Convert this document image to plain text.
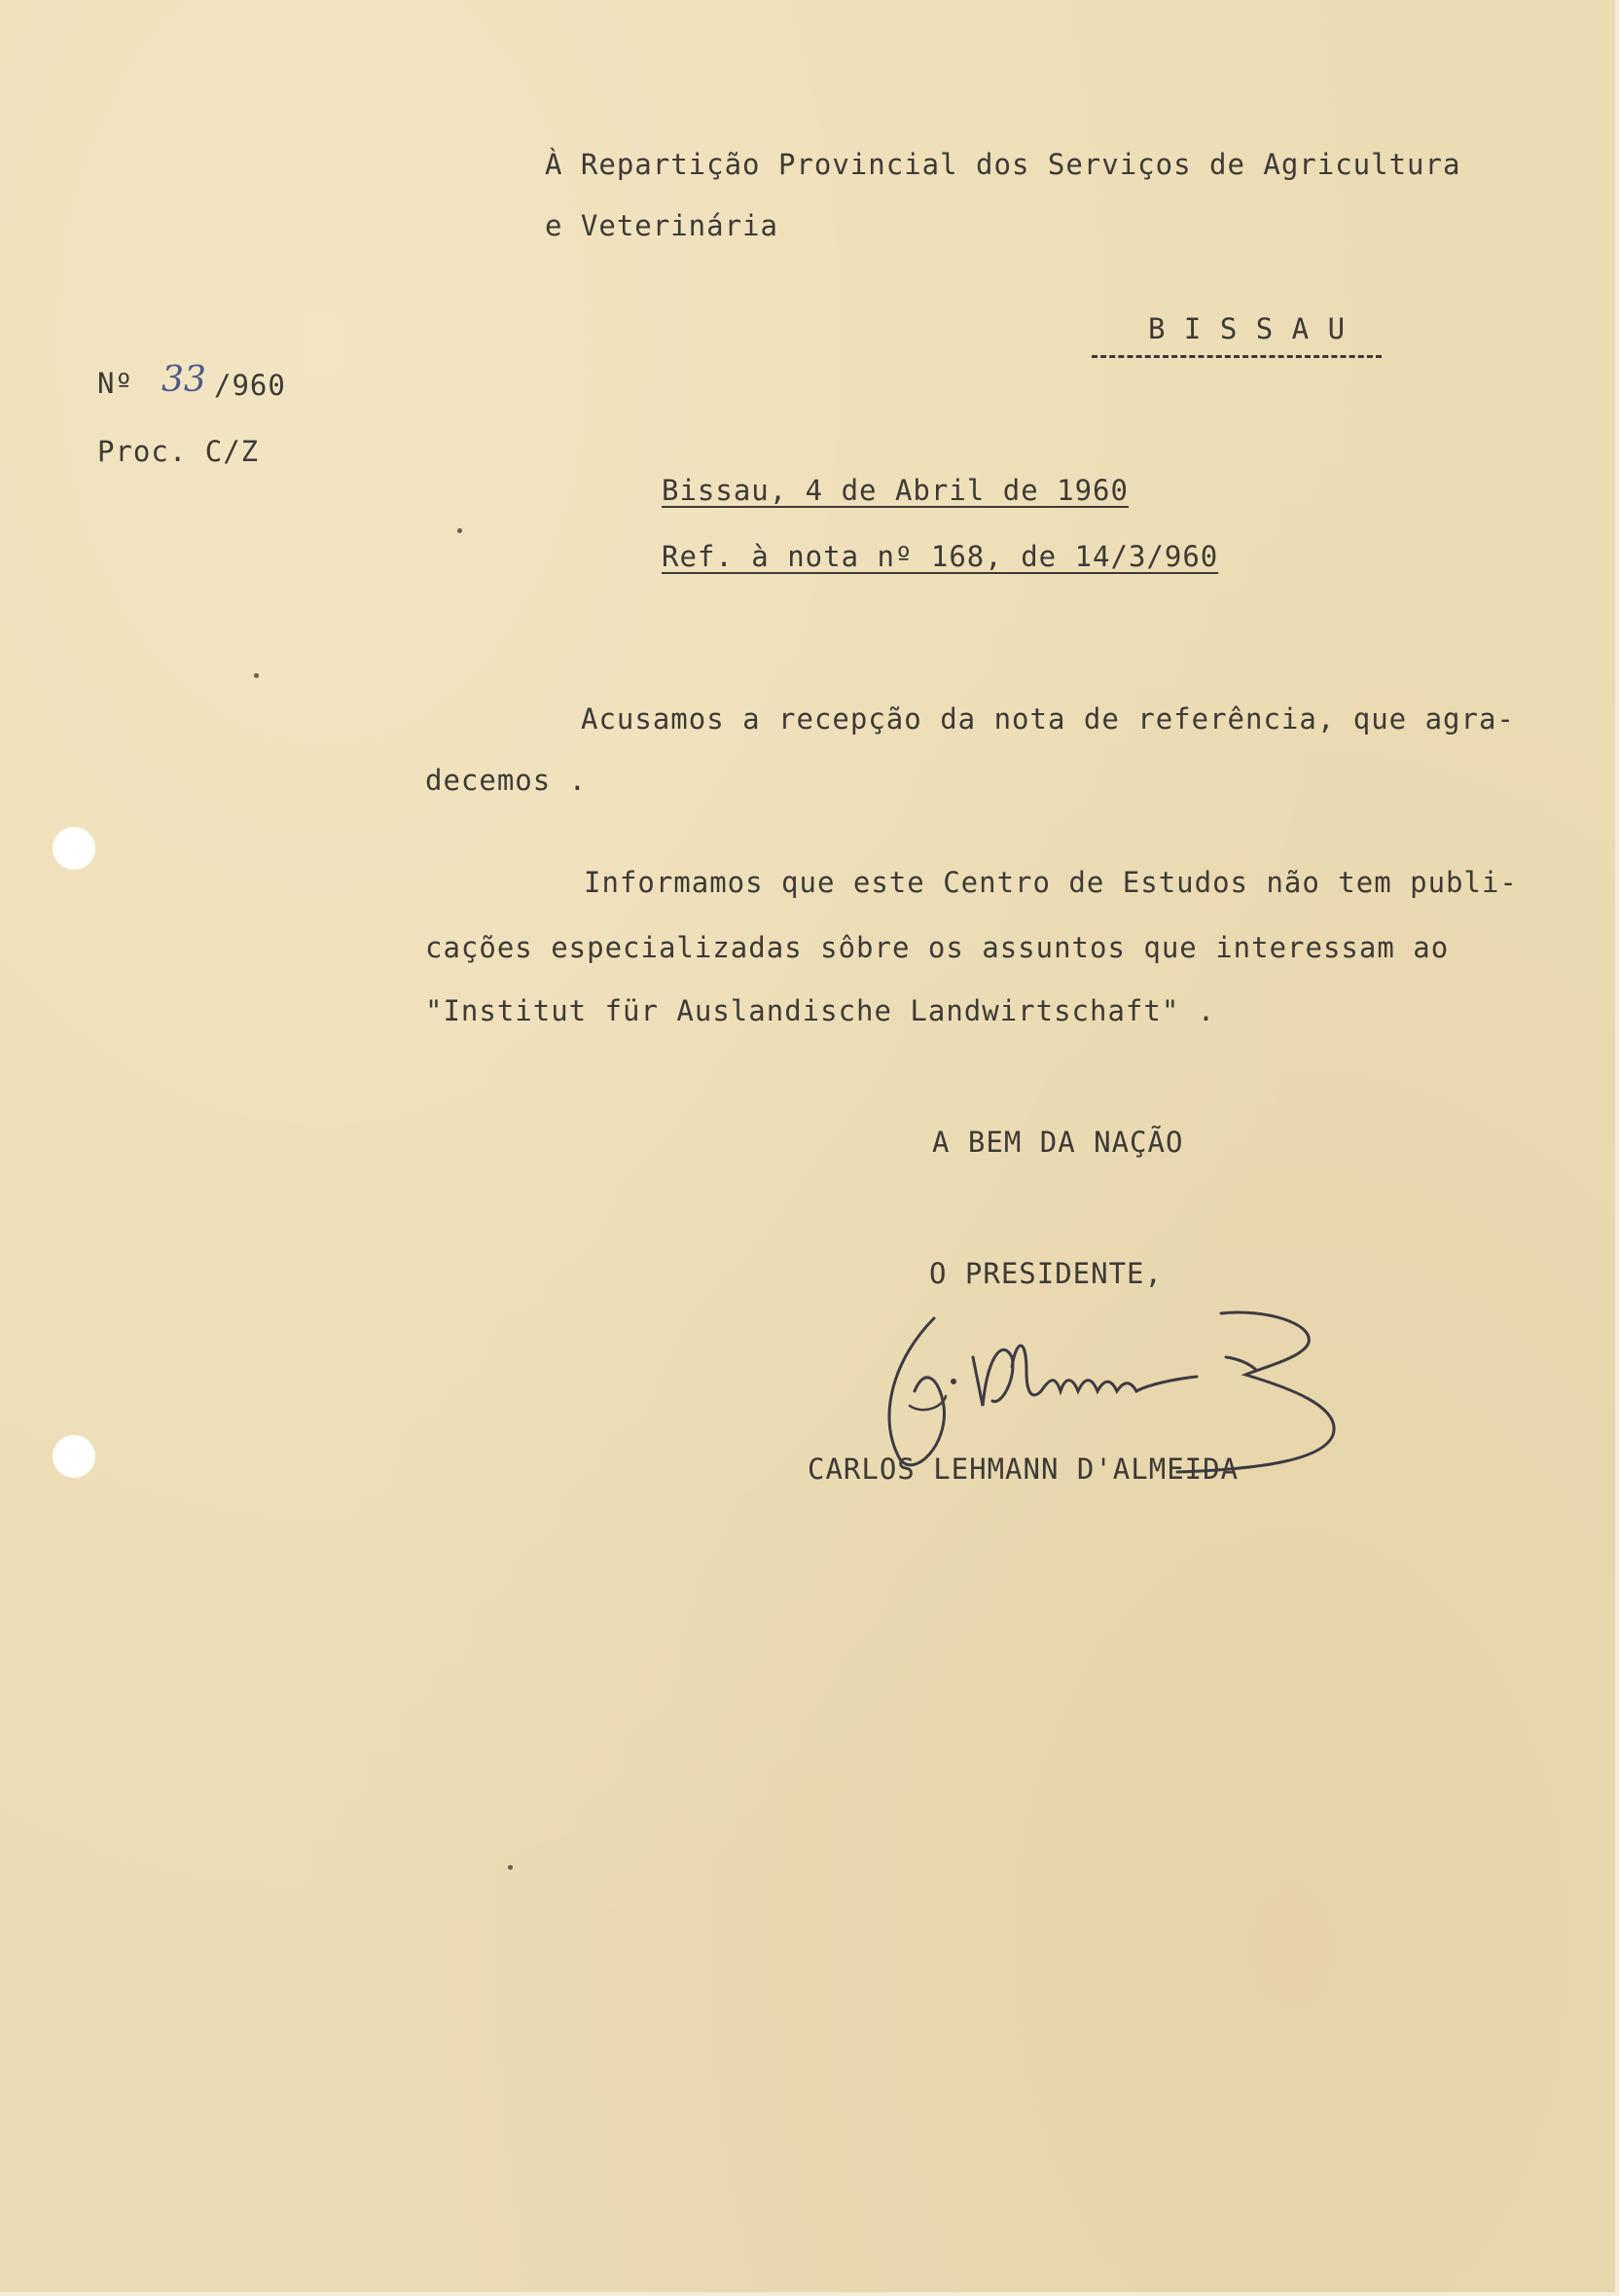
À Repartição Provincial dos Serviços de Agricultura
e Veterinária
B I S S A U
Nº 33 /960
Proc. C/Z
Bissau, 4 de Abril de 1960
Ref. à nota nº 168, de 14/3/960
Acusamos a recepção da nota de referência, que agra-
decemos .
Informamos que este Centro de Estudos não tem publi-
cações especializadas sôbre os assuntos que interessam ao
"Institut für Auslandische Landwirtschaft" .
A BEM DA NAÇÃO
O PRESIDENTE,
CARLOS LEHMANN D'ALMEIDA
